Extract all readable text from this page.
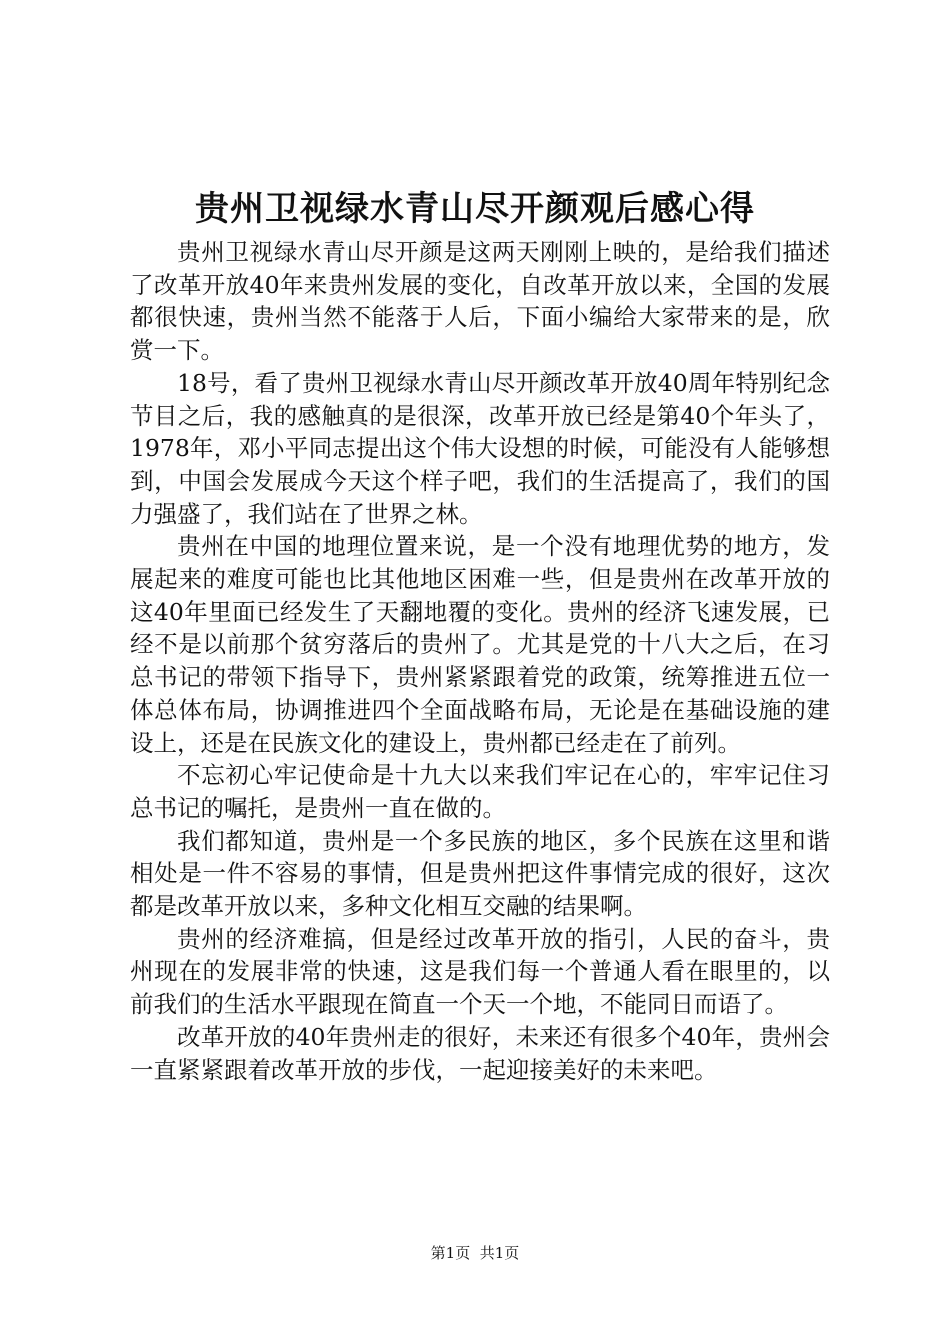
贵州卫视绿水青山尽开颜观后感心得

贵州卫视绿水青山尽开颜是这两天刚刚上映的，是给我们描述了改革开放40年来贵州发展的变化，自改革开放以来，全国的发展都很快速，贵州当然不能落于人后，下面小编给大家带来的是，欣赏一下。

18号，看了贵州卫视绿水青山尽开颜改革开放40周年特别纪念节目之后，我的感触真的是很深，改革开放已经是第40个年头了，1978年，邓小平同志提出这个伟大设想的时候，可能没有人能够想到，中国会发展成今天这个样子吧，我们的生活提高了，我们的国力强盛了，我们站在了世界之林。

贵州在中国的地理位置来说，是一个没有地理优势的地方，发展起来的难度可能也比其他地区困难一些，但是贵州在改革开放的这40年里面已经发生了天翻地覆的变化。贵州的经济飞速发展，已经不是以前那个贫穷落后的贵州了。尤其是党的十八大之后，在习总书记的带领下指导下，贵州紧紧跟着党的政策，统筹推进五位一体总体布局，协调推进四个全面战略布局，无论是在基础设施的建设上，还是在民族文化的建设上，贵州都已经走在了前列。

不忘初心牢记使命是十九大以来我们牢记在心的，牢牢记住习总书记的嘱托，是贵州一直在做的。

我们都知道，贵州是一个多民族的地区，多个民族在这里和谐相处是一件不容易的事情，但是贵州把这件事情完成的很好，这次都是改革开放以来，多种文化相互交融的结果啊。

贵州的经济难搞，但是经过改革开放的指引，人民的奋斗，贵州现在的发展非常的快速，这是我们每一个普通人看在眼里的，以前我们的生活水平跟现在简直一个天一个地，不能同日而语了。

改革开放的40年贵州走的很好，未来还有很多个40年，贵州会一直紧紧跟着改革开放的步伐，一起迎接美好的未来吧。

第1页 共1页
